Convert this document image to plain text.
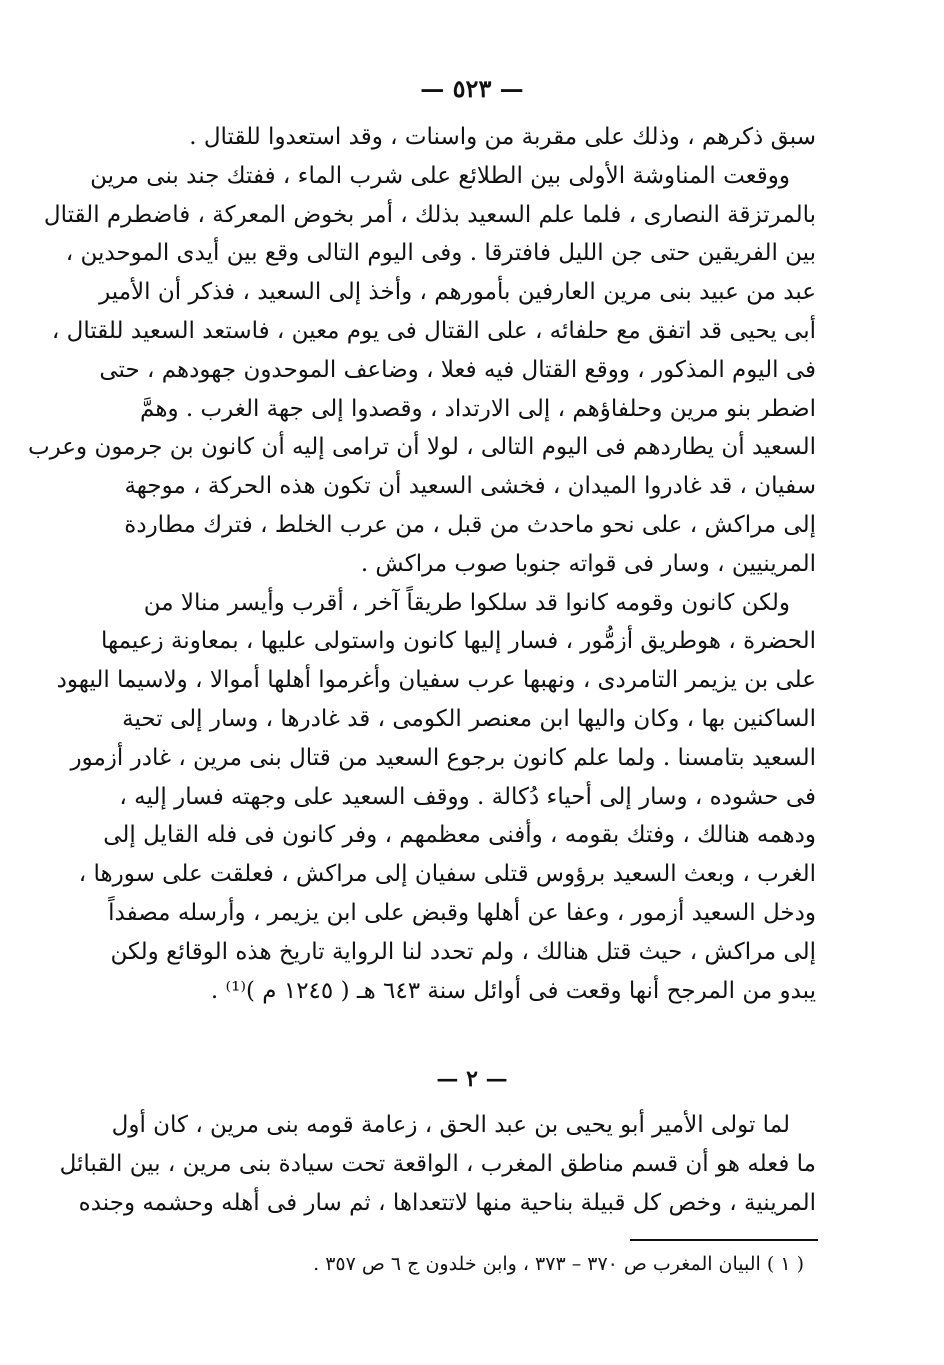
— ٥٢٣ —
سبق ذكرهم ، وذلك على مقربة من واسنات ، وقد استعدوا للقتال .
ووقعت المناوشة الأولى بين الطلائع على شرب الماء ، ففتك جند بنى مرين
بالمرتزقة النصارى ، فلما علم السعيد بذلك ، أمر بخوض المعركة ، فاضطرم القتال
بين الفريقين حتى جن الليل فافترقا . وفى اليوم التالى وقع بين أيدى الموحدين ،
عبد من عبيد بنى مرين العارفين بأمورهم ، وأخذ إلى السعيد ، فذكر أن الأمير
أبى يحيى قد اتفق مع حلفائه ، على القتال فى يوم معين ، فاستعد السعيد للقتال ،
فى اليوم المذكور ، ووقع القتال فيه فعلا ، وضاعف الموحدون جهودهم ، حتى
اضطر بنو مرين وحلفاؤهم ، إلى الارتداد ، وقصدوا إلى جهة الغرب . وهمَّ
السعيد أن يطاردهم فى اليوم التالى ، لولا أن ترامى إليه أن كانون بن جرمون وعرب
سفيان ، قد غادروا الميدان ، فخشى السعيد أن تكون هذه الحركة ، موجهة
إلى مراكش ، على نحو ماحدث من قبل ، من عرب الخلط ، فترك مطاردة
المرينيين ، وسار فى قواته جنوبا صوب مراكش .
ولكن كانون وقومه كانوا قد سلكوا طريقاً آخر ، أقرب وأيسر منالا من
الحضرة ، هوطريق أزمُّور ، فسار إليها كانون واستولى عليها ، بمعاونة زعيمها
على بن يزيمر التامردى ، ونهبها عرب سفيان وأغرموا أهلها أموالا ، ولاسيما اليهود
الساكنين بها ، وكان واليها ابن معنصر الكومى ، قد غادرها ، وسار إلى تحية
السعيد بتامسنا . ولما علم كانون برجوع السعيد من قتال بنى مرين ، غادر أزمور
فى حشوده ، وسار إلى أحياء دُكالة . ووقف السعيد على وجهته فسار إليه ،
ودهمه هنالك ، وفتك بقومه ، وأفنى معظمهم ، وفر كانون فى فله القايل إلى
الغرب ، وبعث السعيد برؤوس قتلى سفيان إلى مراكش ، فعلقت على سورها ،
ودخل السعيد أزمور ، وعفا عن أهلها وقبض على ابن يزيمر ، وأرسله مصفداً
إلى مراكش ، حيث قتل هنالك ، ولم تحدد لنا الرواية تاريخ هذه الوقائع ولكن
يبدو من المرجح أنها وقعت فى أوائل سنة ٦٤٣ هـ ( ١٢٤٥ م )⁽¹⁾ .
— ٢ —
لما تولى الأمير أبو يحيى بن عبد الحق ، زعامة قومه بنى مرين ، كان أول
ما فعله هو أن قسم مناطق المغرب ، الواقعة تحت سيادة بنى مرين ، بين القبائل
المرينية ، وخص كل قبيلة بناحية منها لاتتعداها ، ثم سار فى أهله وحشمه وجنده
( ١ ) البيان المغرب ص ٣٧٠ – ٣٧٣ ، وابن خلدون ج ٦ ص ٣٥٧ .
